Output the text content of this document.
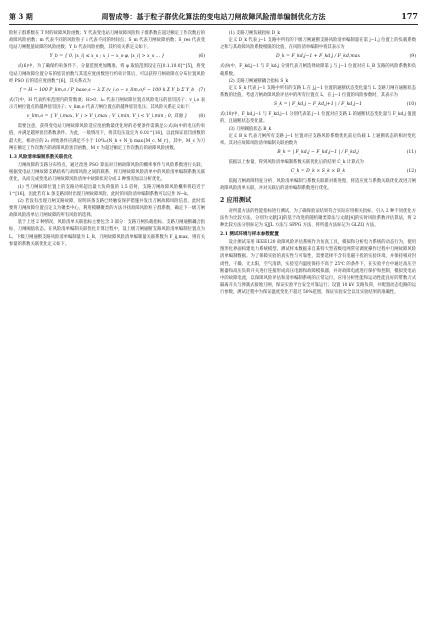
第 3 期	周智成等：基于粒子群优化算法的变电站刀闸故障风险清单编制优化方法	177

险粒子群系数在 T 时的故障风险函数；Y 代表变电站刀闸故障风险粒子群系数在超过额定工作次数后的故障风险函数；m 代表不同的风险粒子 i 代表不同的时间点；S_m 代表刀闸故障函数；S_res 代表变电站刀闸粗值故障的风险函数；Y_b 代表风险函数，其约束关系定义如下。

Y_b = { 0, |x_i| ≤ x_s ; x_i − x_s·φ, |x_i| > x_s ... }	(6)

式(6)中，为了确保约束条件下，分量范围更加精准，将 φ 取值范围设定在[0.1,10.0]^[5]，将变电站刀闸故障位置分布的惩罚函数与其适应度函数进行约束计算后，可以获得刀闸故障点分布位置风险经 PSO 后的适应度函数^[6]，其关系式为

f = H − 100 P_lim,o / P_base,s − λ Σ (v_i,o − v_lim,o)² − 100 k Σ Y_b Σ Y_b (7)

式(7)中，H 代表约束范围内的常数项；H>0；λ₁ 代表刀闸故障位置点风险电压的惩罚因子；v_i,o 表示刀闸位置点的越界惩罚因子；v_lim,o 代表刀闸位置点的越界惩罚电压；其风险关系定义如下：

v_lim,o = { V_i,max, V_i > V_i,max ; V_i,min, V_i < V_i,min ; 0, 其他 } (8)

需要注意，获得变电站刀闸故障风险适应度函数最优化时的必要条件需满足公式(8)中的电压约束值，并满足越界惩罚系数条件。为此，一般情况下，将其电压设定为 0.01^[16]，以此保证惩罚函数的最大化，相对应的 λ₁ 初始条件应满足不小于 10⁸λ₁(N_h + N_l) max{M_c, M_r}。其中，M_c 为刀闸在额定工作次数内的故障风险惩罚函数，M_r 为超过额定工作次数后的故障风险函数。

1.3 风险清单编制系数关联优化

刀闸故障的支路分布特点，通过改进 PSO 算法对刀闸故障风险的概率事件与风险系数进行关联，根据变电站刀闸故障支路结构与故障风险之间的联系，将刀闸故障风险清单中的风险清单编制系数关联优化，从而完成变电站刀闸故障风险清单中故障状况分成 2 种情况加以分析优化。

(1) 当刀闸故障位置上的支路功率超出最大负荷值的 1.5 倍时，支路刀闸故障风险概率将趋近于 1^[16]，因此若有 k 条支路同时出现刀闸故障风险，此时的风险清单编制系数可以记作 N−k。

(2) 若没有出现刀闸支路故障，说明该条支路已经触发保护措施并发出刀闸故障风险信息，此时需要将刀闸故障位置点定义为聚类中心，利用模糊聚类的方法寻找故障风险粒子群系数，确定下一级刀闸故障风险清单后刀闸故障的所有风险的选择。

基于上述 2 种情况，风险清单关联指标主要包含 3 部分：支路刀闸负载指标、支路刀闸通断耦合指标、刀闸阈值状态。在风险清单编制关联优化计算过程中，设上级刀闸通断支路风险清单编制位置点为 L，下级刀闸通断支路风险清单编制量为 L_B，刀闸故障风险清单编制量关联系数为 F_ij,max，则有关参量的系数关联优化定义如下。

(1) 支路刀闸负载指标 D_k

定义 D_k 代表 j−1 支路中所有的下级刀闸通断支路风险清单编制量在第 j−1,j 位置上的负载系数之和与其故障风险系数根限的比值，在风险清单编制中将其表示为

D_k = F_kd,j−1 + F_kd,j / F_kd,max	(9)

式(9)中，F_kd,j−1 与 F_kd,j 分别代表刀闸选择故障第 j 与 j−1 位置对应 L_B 支路的风险系数和负载系数。

(2) 支路刀闸通断耦合指标 S_k

定义 S_k 代表 j−1 支路中所有的支路 L 在 j,j−1 位置的通断状态变化量与 L 支路刀闸在通断状态系数的比值，考虑刀闸故障风险评估中的所有位置点 L，在 j−1 位置的风险参数时，其表示为

S_k = | F_kd,j − F_kd,j+1 | / F_kd,j−1	(10)

式(10)中，F_kd,j−1 与 F_kd,j−1 分别代表第 j−1 位置对应支路 L 的通断状态变化量与 F_kd,j 值置的，且通断状态变化量。

(3) 刀闸阈值状态 B_k

定义 B_k 代表刀闸所有支路 j−1 位置对应支路风险系数优化前后负载 L 上通断状态的相对变化率。其对应故障风险清单编制关联函数为

B_k = | F_kd,j − F_kd,j−1 | / F_kd,j	(11)

依据以上参量，得到风险清单编制系数关联优化后的结果 C_k 计算式为

C_k = D_k × S_k × B_k	(12)

依据刀闸故障特征分析、风险清单编制与系数关联新对新进程，将适应度与系数关联优化改进刀闸故障风险清单关联，并对关联后的清单编制系数进行优化。

2 应用测试

对所提方法的性能指标进行测试，为了确保验证结果符合实际应用相关指标，引入 2 种不同优化方法作为比较方法，分别为文献[3]的基于改进的随机聚类算法与文献[4]的实时风险系数评估算法，将 2 种比较方法分别标记为 SJJL 方法与 SPPG 方法，将所提方法标记为 GLZQ 方法。

2.1 测试环境与样本参数配置

设计测试采用 IEEE120 故障风险评估系统作为仿真工具，模拟和分析电力系统的动态行为，使用图形化界面构建电力系统模型。测试样本数据来自某特大型省级电网常见调度操作过程中刀闸故障风险清单编制数据。为了保障实验的真实性与可靠性，需要选择不含有电磁干扰的实验环境，并保持相对封闭性，干燥，无太阳，空气清新，实验室内温度保持不高于 25℃ 的条件下，在实验平台中通过高压空断器和高压负荷开关进行连接形成高压电源和故障模拟器，并对故障电流进行保护和控制，模拟变电站中的故障电流，以保障风险评估和清单编制系统的正常运行。应用分析性能和运动性能良好的带数刀式隔离开关与弹簧式接地刀闸，保证实验平台安全可靠运行；设置 10 kV 支路负荷，并配置动态电路的运行参数，测试过程中为保证温度变化不超过 50%范围，保证实验安全以及实验结果的准确性。
